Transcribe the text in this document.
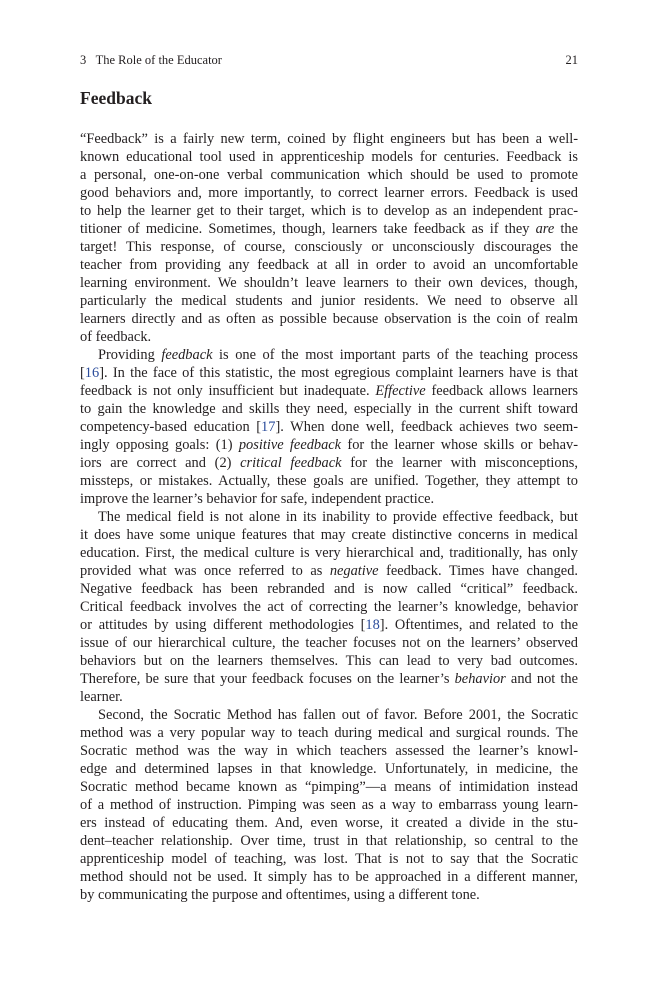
3 The Role of the Educator	21
Feedback
“Feedback” is a fairly new term, coined by flight engineers but has been a well-
known educational tool used in apprenticeship models for centuries. Feedback is
a personal, one-on-one verbal communication which should be used to promote
good behaviors and, more importantly, to correct learner errors. Feedback is used
to help the learner get to their target, which is to develop as an independent prac-
titioner of medicine. Sometimes, though, learners take feedback as if they are the
target! This response, of course, consciously or unconsciously discourages the
teacher from providing any feedback at all in order to avoid an uncomfortable
learning environment. We shouldn’t leave learners to their own devices, though,
particularly the medical students and junior residents. We need to observe all
learners directly and as often as possible because observation is the coin of realm
of feedback.
Providing feedback is one of the most important parts of the teaching process
[16]. In the face of this statistic, the most egregious complaint learners have is that
feedback is not only insufficient but inadequate. Effective feedback allows learners
to gain the knowledge and skills they need, especially in the current shift toward
competency-based education [17]. When done well, feedback achieves two seem-
ingly opposing goals: (1) positive feedback for the learner whose skills or behav-
iors are correct and (2) critical feedback for the learner with misconceptions,
missteps, or mistakes. Actually, these goals are unified. Together, they attempt to
improve the learner’s behavior for safe, independent practice.
The medical field is not alone in its inability to provide effective feedback, but
it does have some unique features that may create distinctive concerns in medical
education. First, the medical culture is very hierarchical and, traditionally, has only
provided what was once referred to as negative feedback. Times have changed.
Negative feedback has been rebranded and is now called “critical” feedback.
Critical feedback involves the act of correcting the learner’s knowledge, behavior
or attitudes by using different methodologies [18]. Oftentimes, and related to the
issue of our hierarchical culture, the teacher focuses not on the learners’ observed
behaviors but on the learners themselves. This can lead to very bad outcomes.
Therefore, be sure that your feedback focuses on the learner’s behavior and not the
learner.
Second, the Socratic Method has fallen out of favor. Before 2001, the Socratic
method was a very popular way to teach during medical and surgical rounds. The
Socratic method was the way in which teachers assessed the learner’s knowl-
edge and determined lapses in that knowledge. Unfortunately, in medicine, the
Socratic method became known as “pimping”—a means of intimidation instead
of a method of instruction. Pimping was seen as a way to embarrass young learn-
ers instead of educating them. And, even worse, it created a divide in the stu-
dent–teacher relationship. Over time, trust in that relationship, so central to the
apprenticeship model of teaching, was lost. That is not to say that the Socratic
method should not be used. It simply has to be approached in a different manner,
by communicating the purpose and oftentimes, using a different tone.
